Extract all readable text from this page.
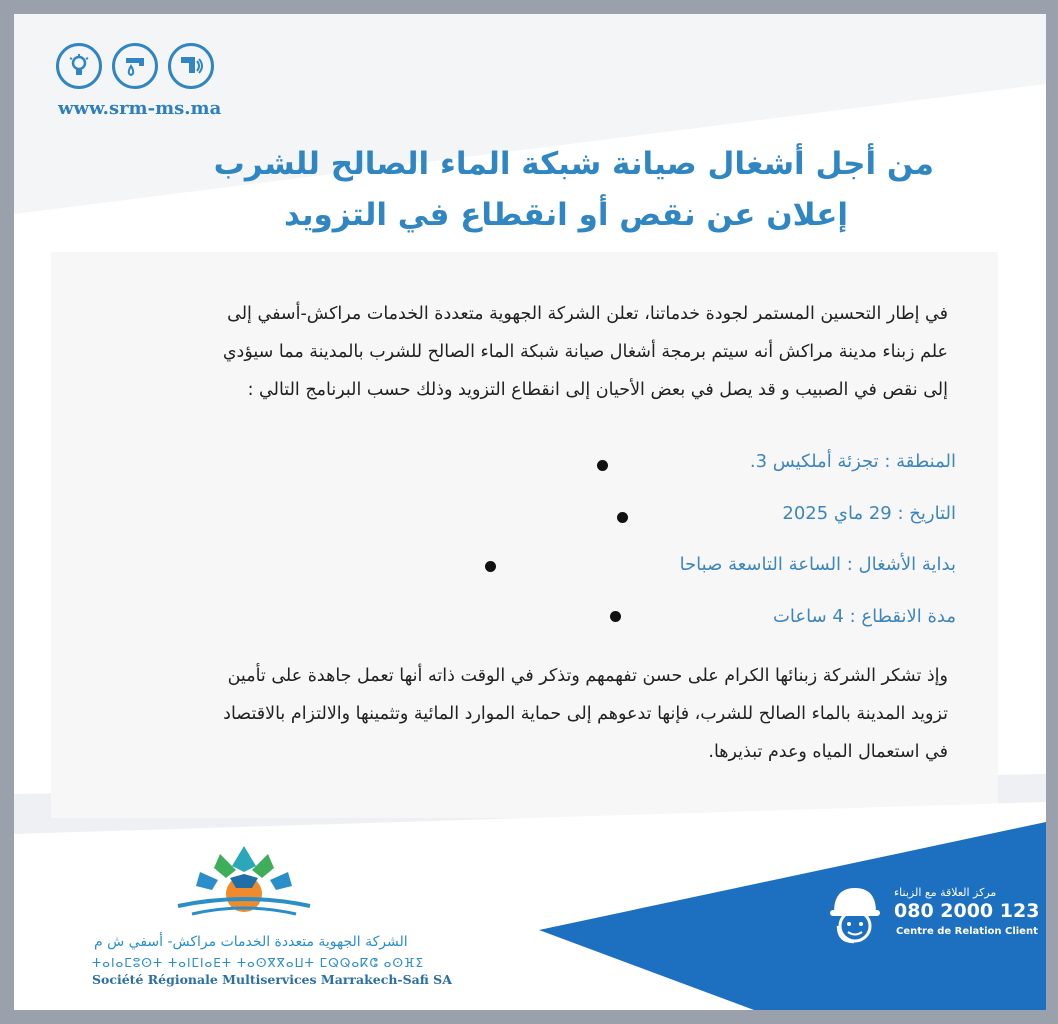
www.srm-ms.ma
من أجل أشغال صيانة شبكة الماء الصالح للشرب
إعلان عن نقص أو انقطاع في التزويد
في إطار التحسين المستمر لجودة خدماتنا، تعلن الشركة الجهوية متعددة الخدمات مراكش-أسفي إلى
علم زبناء مدينة مراكش أنه سيتم برمجة أشغال صيانة شبكة الماء الصالح للشرب بالمدينة مما سيؤدي
إلى نقص في الصبيب و قد يصل في بعض الأحيان إلى انقطاع التزويد وذلك حسب البرنامج التالي :
المنطقة : تجزئة أملكيس 3.
التاريخ : 29 ماي 2025
بداية الأشغال : الساعة التاسعة صباحا
مدة الانقطاع : 4 ساعات
وإذ تشكر الشركة زبنائها الكرام على حسن تفهمهم وتذكر في الوقت ذاته أنها تعمل جاهدة على تأمين
تزويد المدينة بالماء الصالح للشرب، فإنها تدعوهم إلى حماية الموارد المائية وتثمينها والالتزام بالاقتصاد
في استعمال المياه وعدم تبذيرها.
الشركة الجهوية متعددة الخدمات مراكش- أسفي ش م
ⵜⴰⵏⴰⵎⵓⵙⵜ ⵜⴰⵏⵎⵏⴰⴹⵜ ⵜⴰⵙⴳⴳⴰⵡⵜ ⵎⵕⵕⴰⴽⵛ ⴰⵙⴼⵉ
Société Régionale Multiservices Marrakech-Safi SA
مركز العلاقة مع الزبناء
080 2000 123
Centre de Relation Client
